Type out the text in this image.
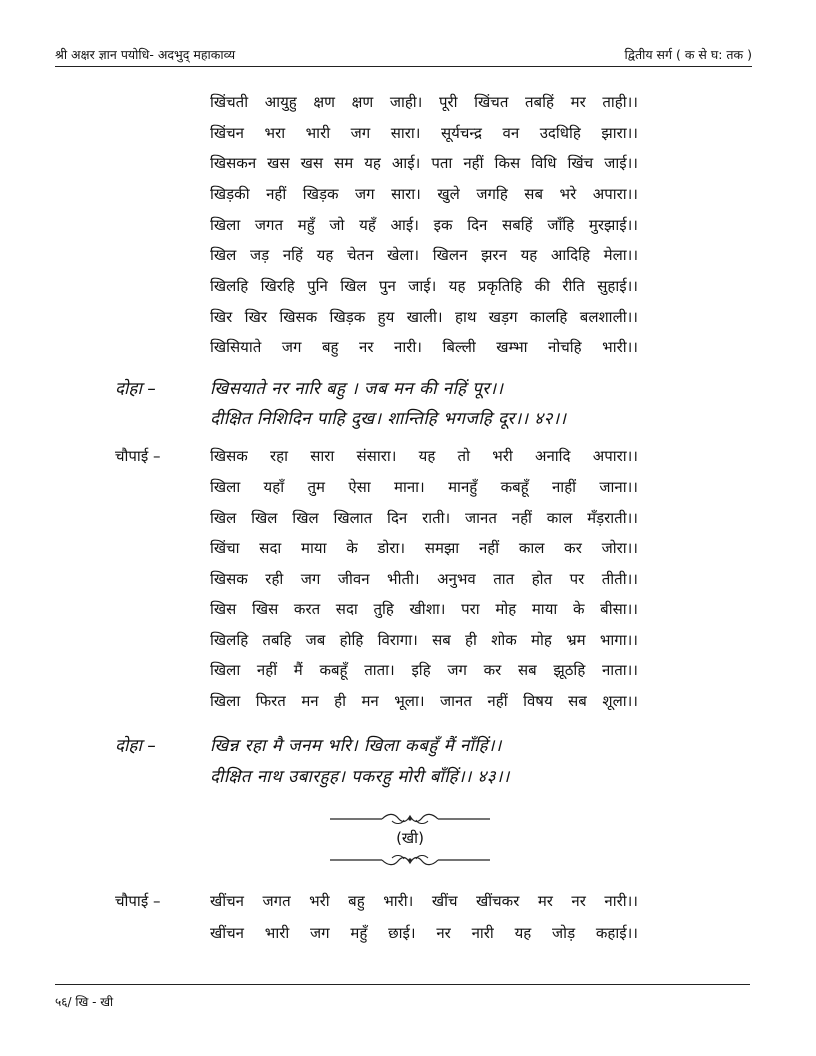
श्री अक्षर ज्ञान पयोधि- अदभुद् महाकाव्य	द्वितीय सर्ग ( क से घ: तक )
खिंचती आयुहु क्षण क्षण जाही। पूरी खिंचत तबहिं मर ताही।।
खिंचन भरा भारी जग सारा। सूर्यचन्द्र वन उदधिहि झारा।।
खिसकन खस खस सम यह आई। पता नहीं किस विधि खिंच जाई।।
खिड़की नहीं खिड़क जग सारा। खुले जगहि सब भरे अपारा।।
खिला जगत महुँ जो यहँ आई। इक दिन सबहिं जाँहि मुरझाई।।
खिल जड़ नहिं यह चेतन खेला। खिलन झरन यह आदिहि मेला।।
खिलहि खिरहि पुनि खिल पुन जाई। यह प्रकृतिहि की रीति सुहाई।।
खिर खिर खिसक खिड़क हुय खाली। हाथ खड़ग कालहि बलशाली।।
खिसियाते जग बहु नर नारी। बिल्ली खम्भा नोचहि भारी।।
दोहा –	खिसयाते नर नारि बहु । जब मन की नहिं पूर।।
दीक्षित निशिदिन पाहि दुख। शान्तिहि भगजहि दूर।। ४२।।
चौपाई –	खिसक रहा सारा संसारा। यह तो भरी अनादि अपारा।।
खिला यहाँ तुम ऐसा माना। मानहुँ कबहूँ नाहीं जाना।।
खिल खिल खिल खिलात दिन राती। जानत नहीं काल मँड़राती।।
खिंचा सदा माया के डोरा। समझा नहीं काल कर जोरा।।
खिसक रही जग जीवन भीती। अनुभव तात होत पर तीती।।
खिस खिस करत सदा तुहि खीशा। परा मोह माया के बीसा।।
खिलहि तबहि जब होहि विरागा। सब ही शोक मोह भ्रम भागा।।
खिला नहीं मैं कबहूँ ताता। इहि जग कर सब झूठहि नाता।।
खिला फिरत मन ही मन भूला। जानत नहीं विषय सब शूला।।
दोहा –	खिन्न रहा मै जनम भरि। खिला कबहुँ मैं नाँहिं।।
दीक्षित नाथ उबारहुह। पकरहु मोरी बाँहिं।। ४३।।
(खी)
चौपाई –	खींचन जगत भरी बहु भारी। खींच खींचकर मर नर नारी।।
खींचन भारी जग महुँ छाई। नर नारी यह जोड़ कहाई।।
५६/ खि - खी
